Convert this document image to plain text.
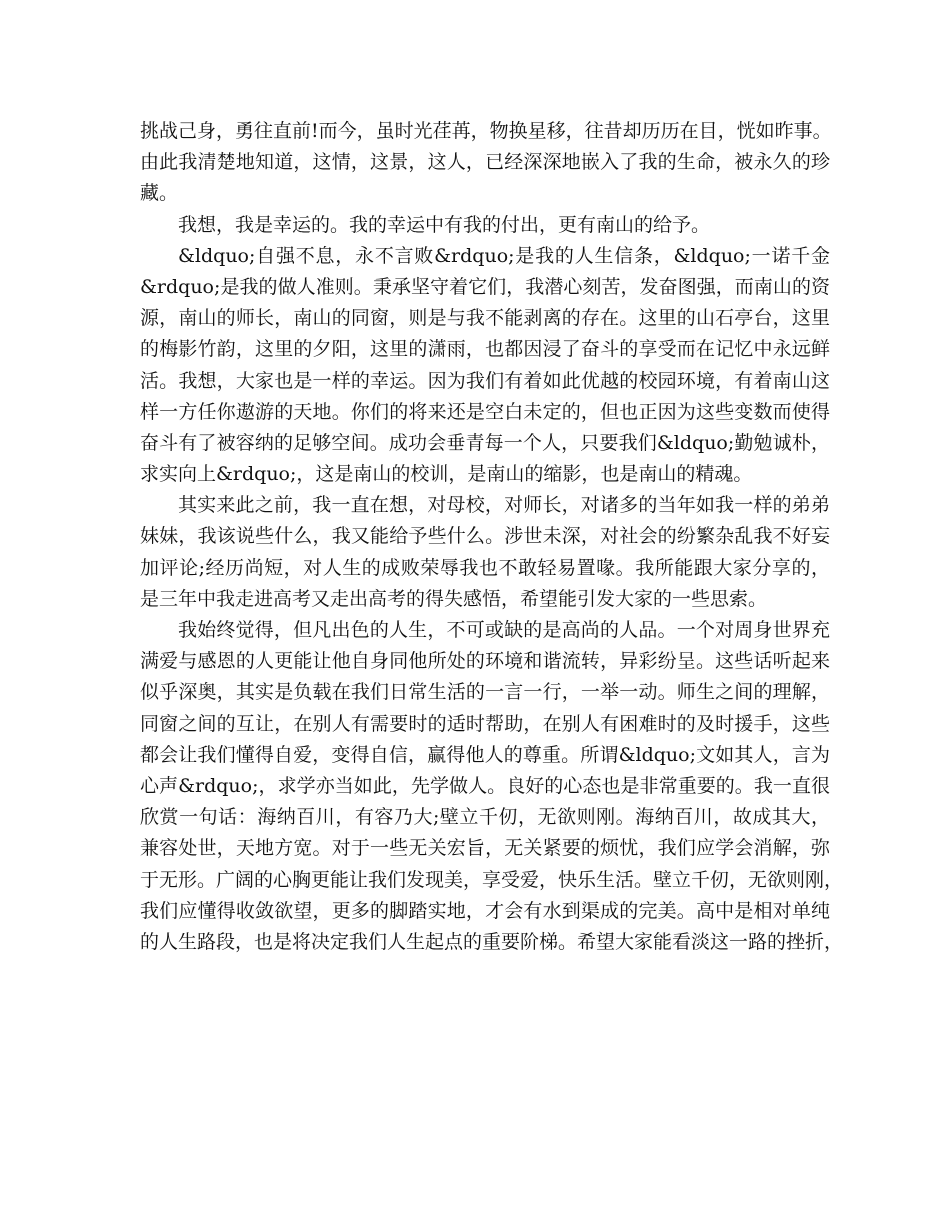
挑战己身，勇往直前!而今，虽时光荏苒，物换星移，往昔却历历在目，恍如昨事。
由此我清楚地知道，这情，这景，这人，已经深深地嵌入了我的生命，被永久的珍
藏。
我想，我是幸运的。我的幸运中有我的付出，更有南山的给予。
&ldquo;自强不息，永不言败&rdquo;是我的人生信条，&ldquo;一诺千金
&rdquo;是我的做人准则。秉承坚守着它们，我潜心刻苦，发奋图强，而南山的资
源，南山的师长，南山的同窗，则是与我不能剥离的存在。这里的山石亭台，这里
的梅影竹韵，这里的夕阳，这里的潇雨，也都因浸了奋斗的享受而在记忆中永远鲜
活。我想，大家也是一样的幸运。因为我们有着如此优越的校园环境，有着南山这
样一方任你遨游的天地。你们的将来还是空白未定的，但也正因为这些变数而使得
奋斗有了被容纳的足够空间。成功会垂青每一个人，只要我们&ldquo;勤勉诚朴，
求实向上&rdquo;，这是南山的校训，是南山的缩影，也是南山的精魂。
其实来此之前，我一直在想，对母校，对师长，对诸多的当年如我一样的弟弟
妹妹，我该说些什么，我又能给予些什么。涉世未深，对社会的纷繁杂乱我不好妄
加评论;经历尚短，对人生的成败荣辱我也不敢轻易置喙。我所能跟大家分享的，
是三年中我走进高考又走出高考的得失感悟，希望能引发大家的一些思索。
我始终觉得，但凡出色的人生，不可或缺的是高尚的人品。一个对周身世界充
满爱与感恩的人更能让他自身同他所处的环境和谐流转，异彩纷呈。这些话听起来
似乎深奥，其实是负载在我们日常生活的一言一行，一举一动。师生之间的理解，
同窗之间的互让，在别人有需要时的适时帮助，在别人有困难时的及时援手，这些
都会让我们懂得自爱，变得自信，赢得他人的尊重。所谓&ldquo;文如其人，言为
心声&rdquo;，求学亦当如此，先学做人。良好的心态也是非常重要的。我一直很
欣赏一句话：海纳百川，有容乃大;壁立千仞，无欲则刚。海纳百川，故成其大，
兼容处世，天地方宽。对于一些无关宏旨，无关紧要的烦忧，我们应学会消解，弥
于无形。广阔的心胸更能让我们发现美，享受爱，快乐生活。壁立千仞，无欲则刚，
我们应懂得收敛欲望，更多的脚踏实地，才会有水到渠成的完美。高中是相对单纯
的人生路段，也是将决定我们人生起点的重要阶梯。希望大家能看淡这一路的挫折，
